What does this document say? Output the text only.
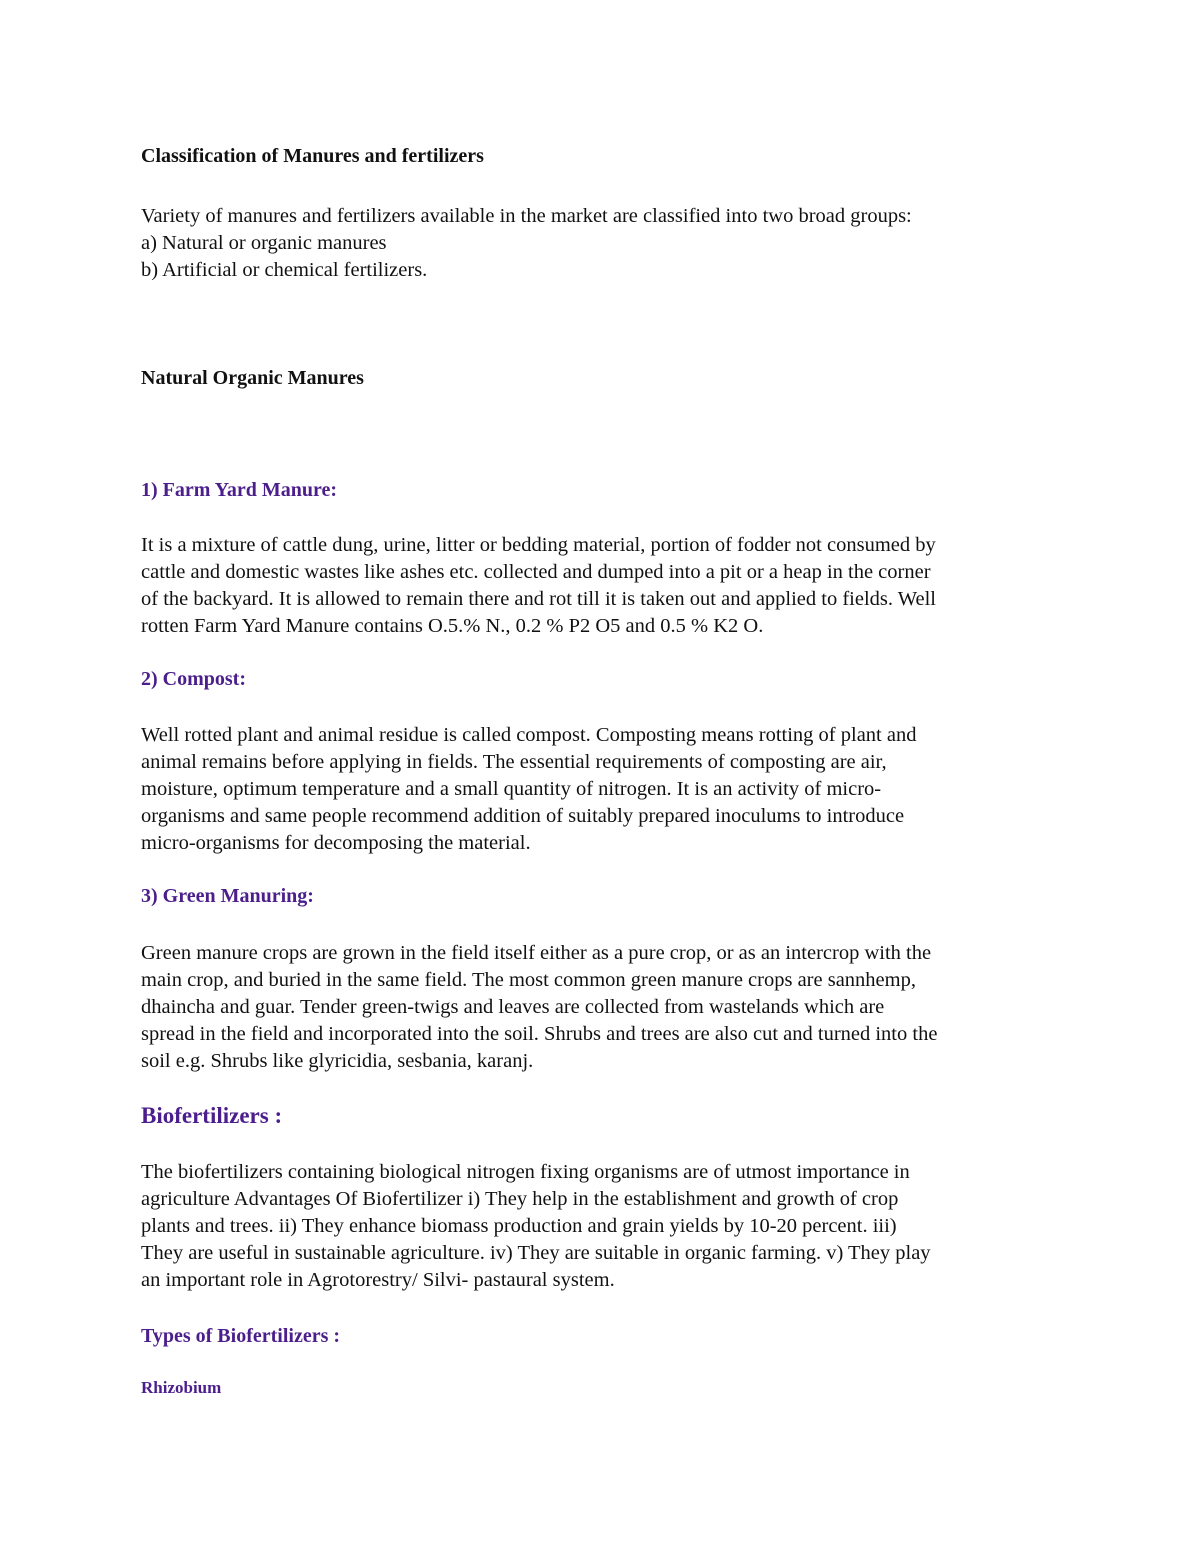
Classification of Manures and fertilizers
Variety of manures and fertilizers available in the market are classified into two broad groups:
a) Natural or organic manures
b) Artificial or chemical fertilizers.
Natural Organic Manures
1) Farm Yard Manure:
It is a mixture of cattle dung, urine, litter or bedding material, portion of fodder not consumed by
cattle and domestic wastes like ashes etc. collected and dumped into a pit or a heap in the corner
of the backyard. It is allowed to remain there and rot till it is taken out and applied to fields. Well
rotten Farm Yard Manure contains O.5.% N., 0.2 % P2 O5 and 0.5 % K2 O.
2) Compost:
Well rotted plant and animal residue is called compost. Composting means rotting of plant and
animal remains before applying in fields. The essential requirements of composting are air,
moisture, optimum temperature and a small quantity of nitrogen. It is an activity of micro-
organisms and same people recommend addition of suitably prepared inoculums to introduce
micro-organisms for decomposing the material.
3) Green Manuring:
Green manure crops are grown in the field itself either as a pure crop, or as an intercrop with the
main crop, and buried in the same field. The most common green manure crops are sannhemp,
dhaincha and guar. Tender green-twigs and leaves are collected from wastelands which are
spread in the field and incorporated into the soil. Shrubs and trees are also cut and turned into the
soil e.g. Shrubs like glyricidia, sesbania, karanj.
Biofertilizers :
The biofertilizers containing biological nitrogen fixing organisms are of utmost importance in
agriculture Advantages Of Biofertilizer i) They help in the establishment and growth of crop
plants and trees. ii) They enhance biomass production and grain yields by 10-20 percent. iii)
They are useful in sustainable agriculture. iv) They are suitable in organic farming. v) They play
an important role in Agrotorestry/ Silvi- pastaural system.
Types of Biofertilizers :
Rhizobium
